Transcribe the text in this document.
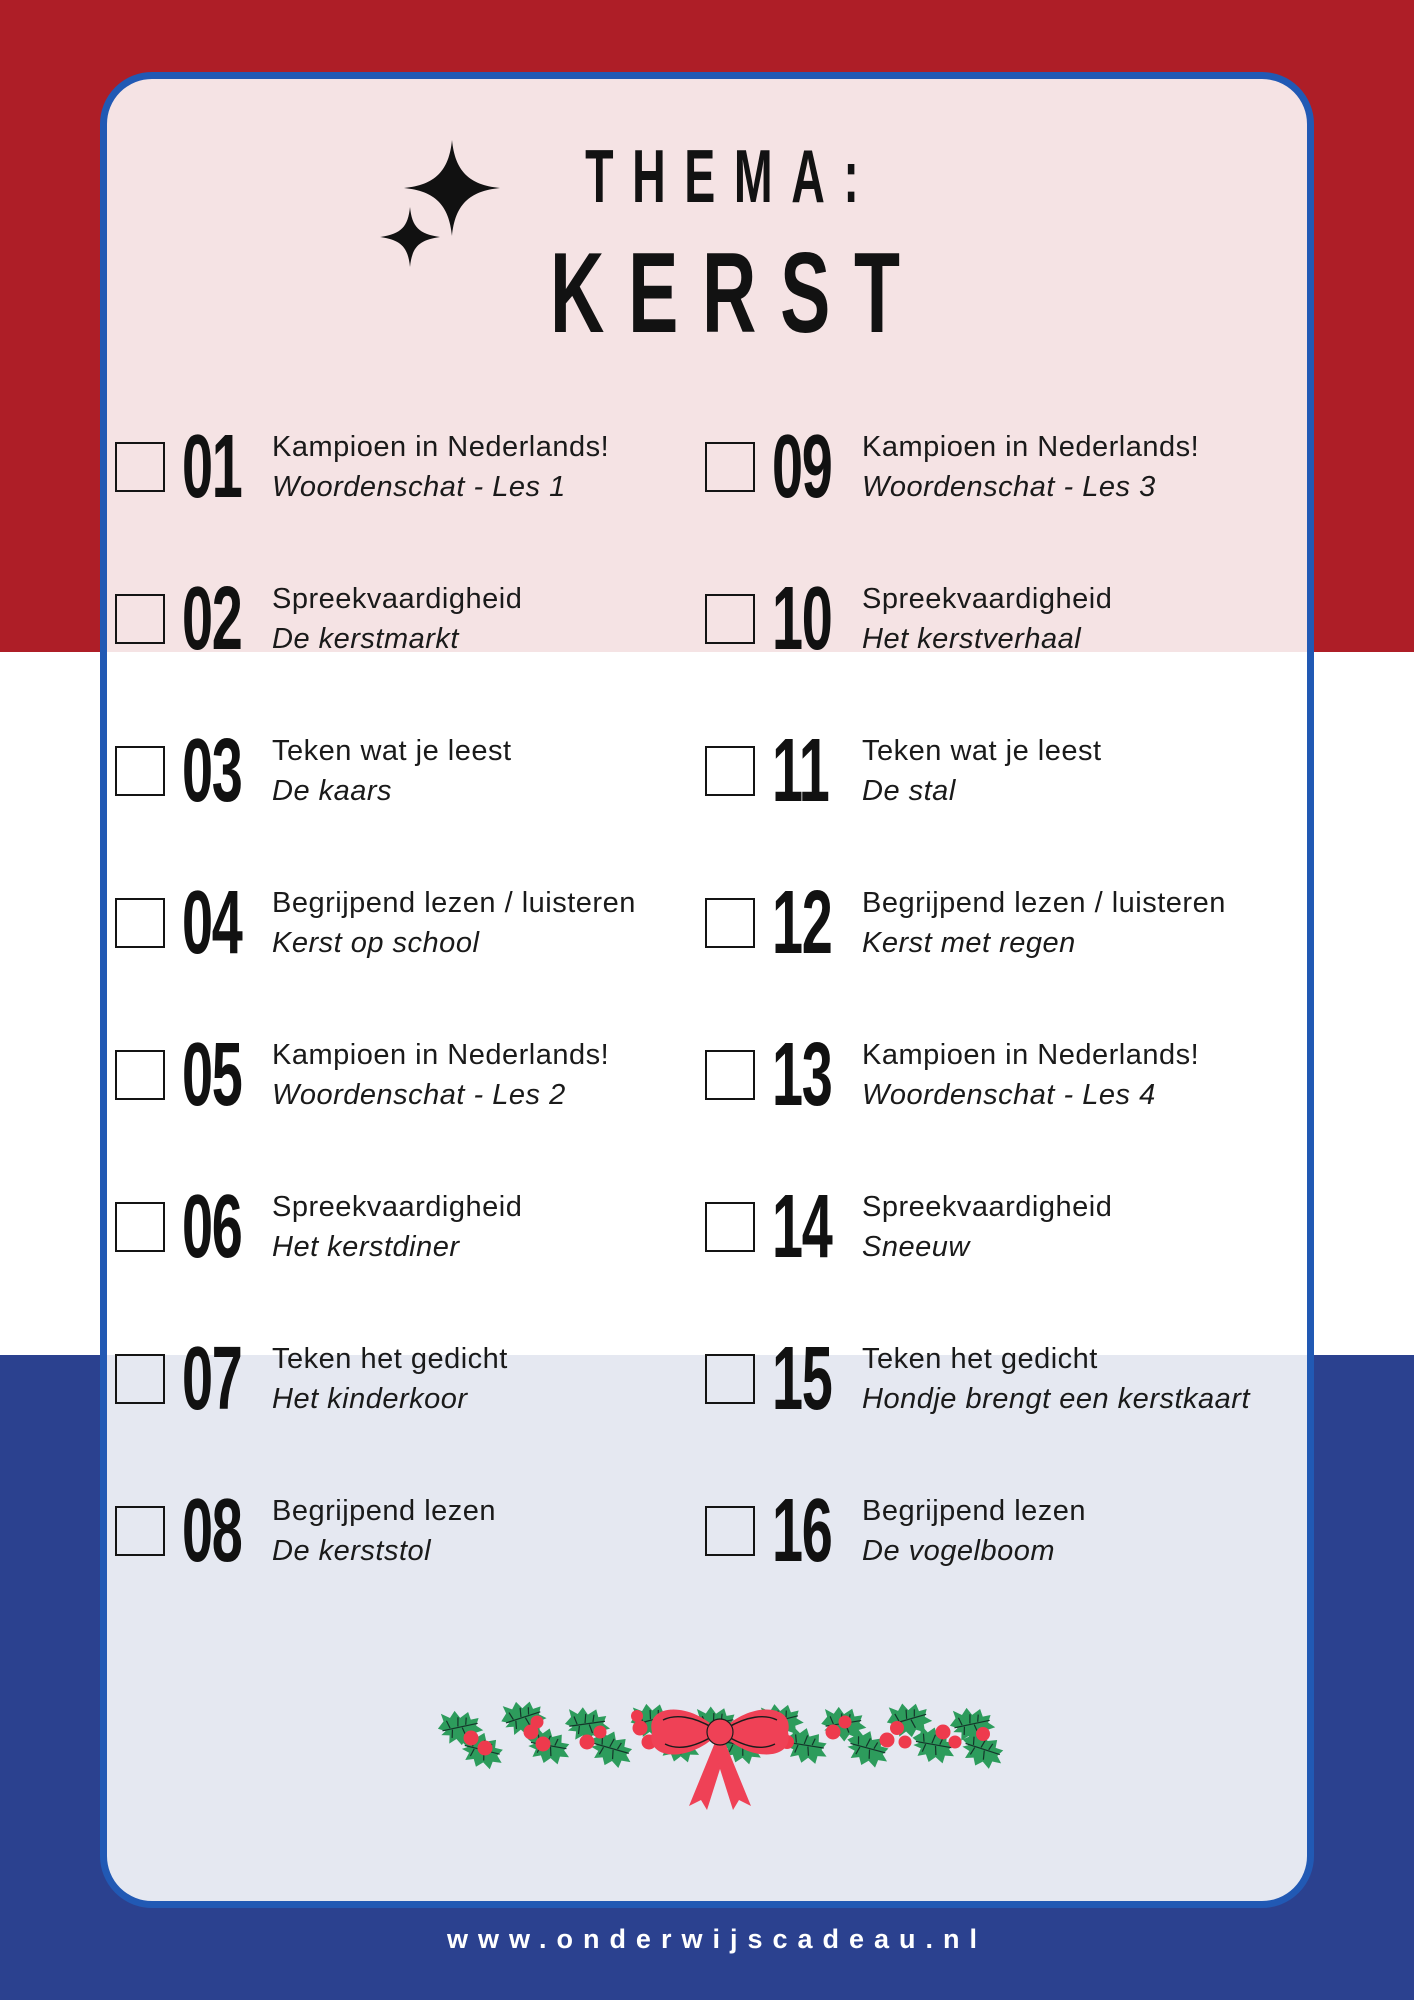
THEMA:
KERST
01 Kampioen in Nederlands!
Woordenschat - Les 1	09 Kampioen in Nederlands!
Woordenschat - Les 3
02 Spreekvaardigheid
De kerstmarkt	10 Spreekvaardigheid
Het kerstverhaal
03 Teken wat je leest
De kaars	11 Teken wat je leest
De stal
04 Begrijpend lezen / luisteren
Kerst op school	12 Begrijpend lezen / luisteren
Kerst met regen
05 Kampioen in Nederlands!
Woordenschat - Les 2	13 Kampioen in Nederlands!
Woordenschat - Les 4
06 Spreekvaardigheid
Het kerstdiner	14 Spreekvaardigheid
Sneeuw
07 Teken het gedicht
Het kinderkoor	15 Teken het gedicht
Hondje brengt een kerstkaart
08 Begrijpend lezen
De kerststol	16 Begrijpend lezen
De vogelboom
www.onderwijscadeau.nl
